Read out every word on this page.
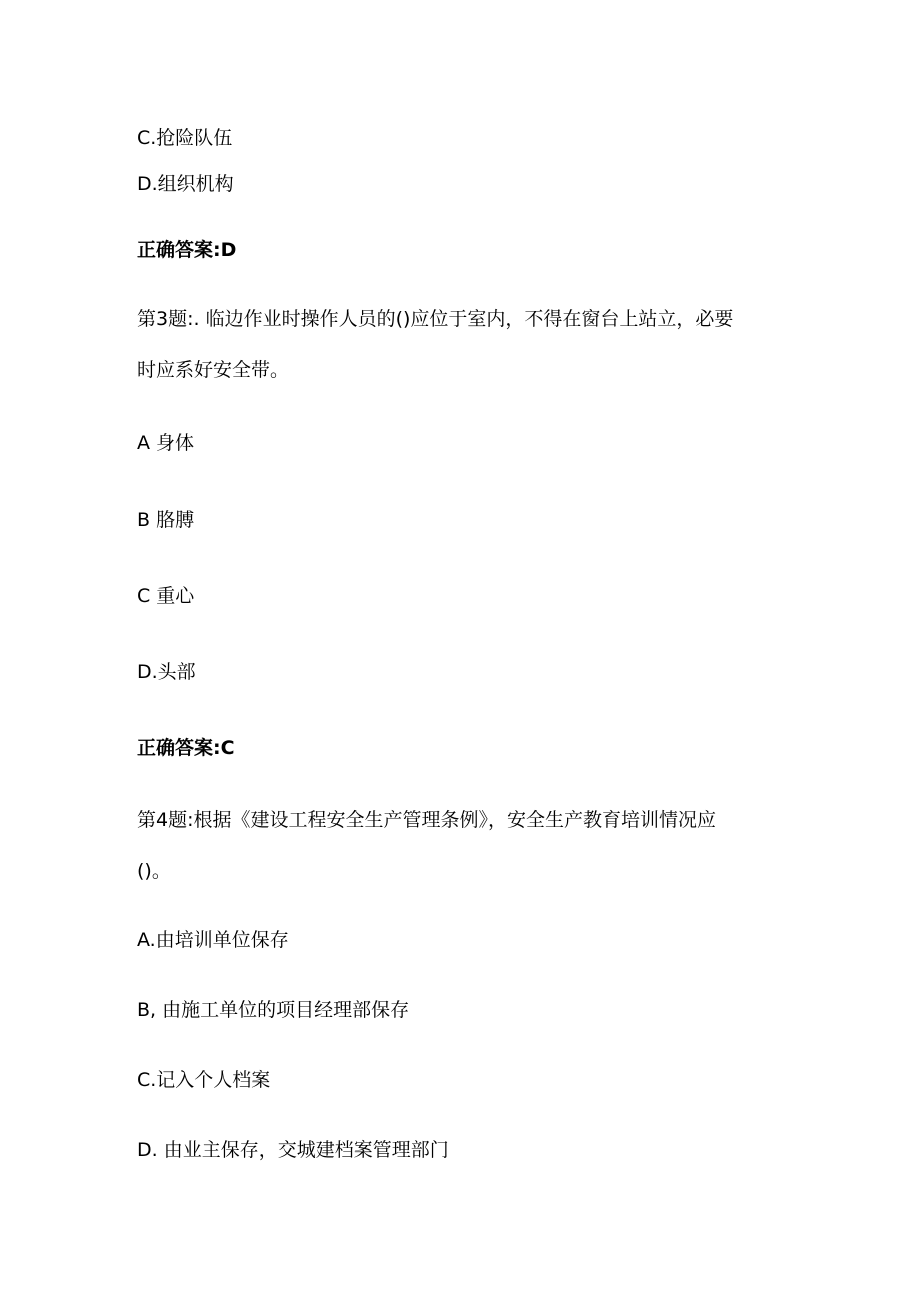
C.抢险队伍
D.组织机构
正确答案:D
第3题:. 临边作业时操作人员的()应位于室内，不得在窗台上站立，必要
时应系好安全带。
A 身体
B 胳膊
C 重心
D.头部
正确答案:C
第4题:根据《建设工程安全生产管理条例》，安全生产教育培训情况应
()。
A.由培训单位保存
B, 由施工单位的项目经理部保存
C.记入个人档案
D. 由业主保存，交城建档案管理部门
